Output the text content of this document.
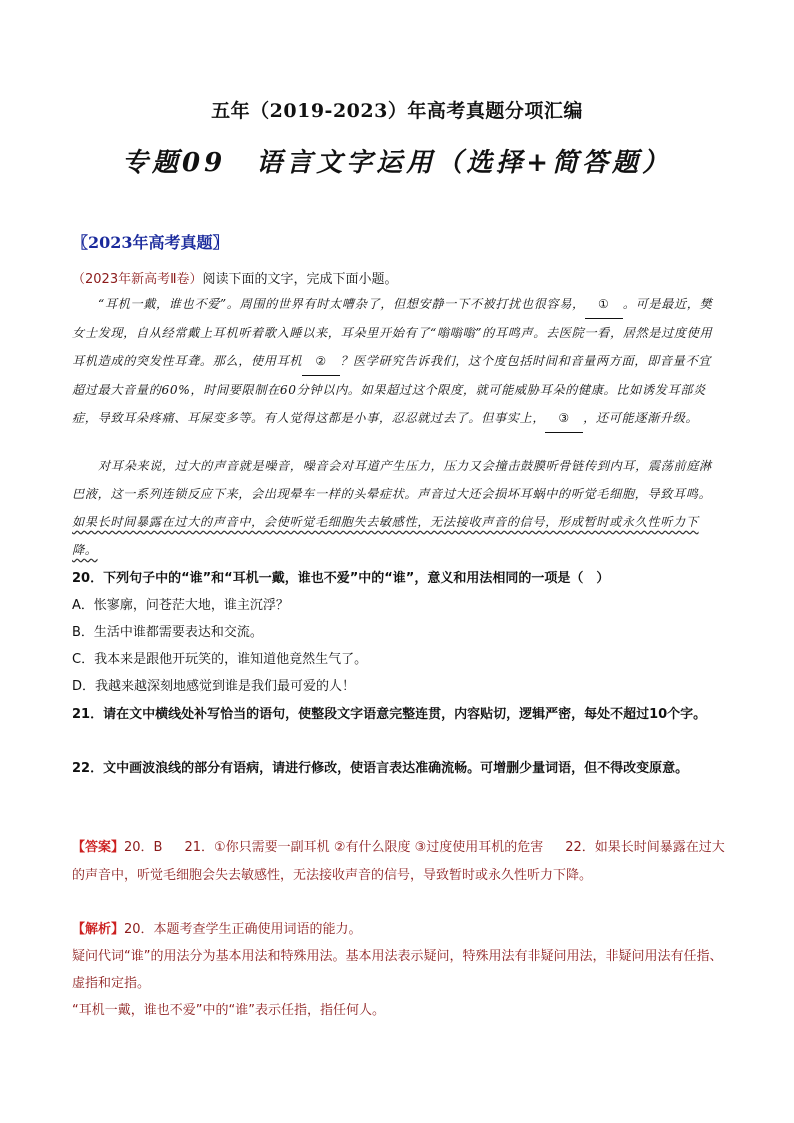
五年（2019-2023）年高考真题分项汇编
专题09　语言文字运用（选择+简答题）
〖2023年高考真题〗
（2023年新高考Ⅱ卷）阅读下面的文字，完成下面小题。
“耳机一戴，谁也不爱”。周围的世界有时太嘈杂了，但想安静一下不被打扰也很容易， ① 。可是最近，樊女士发现，自从经常戴上耳机听着歌入睡以来，耳朵里开始有了“嗡嗡嗡”的耳鸣声。去医院一看，居然是过度使用耳机造成的突发性耳聋。那么，使用耳机 ② ？医学研究告诉我们，这个度包括时间和音量两方面，即音量不宜超过最大音量的60%，时间要限制在60分钟以内。如果超过这个限度，就可能威胁耳朵的健康。比如诱发耳部炎症，导致耳朵疼痛、耳屎变多等。有人觉得这都是小事，忍忍就过去了。但事实上， ③ ，还可能逐渐升级。
对耳朵来说，过大的声音就是噪音，噪音会对耳道产生压力，压力又会撞击鼓膜听骨链传到内耳，震荡前庭淋巴液，这一系列连锁反应下来，会出现晕车一样的头晕症状。声音过大还会损坏耳蜗中的听觉毛细胞，导致耳鸣。如果长时间暴露在过大的声音中，会使听觉毛细胞失去敏感性，无法接收声音的信号，形成暂时或永久性听力下降。
20．下列句子中的“谁”和“耳机一戴，谁也不爱”中的“谁”，意义和用法相同的一项是（　）
A．怅寥廓，问苍茫大地，谁主沉浮？
B．生活中谁都需要表达和交流。
C．我本来是跟他开玩笑的，谁知道他竟然生气了。
D．我越来越深刻地感觉到谁是我们最可爱的人！
21．请在文中横线处补写恰当的语句，使整段文字语意完整连贯，内容贴切，逻辑严密，每处不超过10个字。
22．文中画波浪线的部分有语病，请进行修改，使语言表达准确流畅。可增删少量词语，但不得改变原意。
【答案】20．B 21．①你只需要一副耳机 ②有什么限度 ③过度使用耳机的危害 22．如果长时间暴露在过大的声音中，听觉毛细胞会失去敏感性，无法接收声音的信号，导致暂时或永久性听力下降。
【解析】20．本题考查学生正确使用词语的能力。
疑问代词“谁”的用法分为基本用法和特殊用法。基本用法表示疑问，特殊用法有非疑问用法，非疑问用法有任指、虚指和定指。
“耳机一戴，谁也不爱”中的“谁”表示任指，指任何人。
